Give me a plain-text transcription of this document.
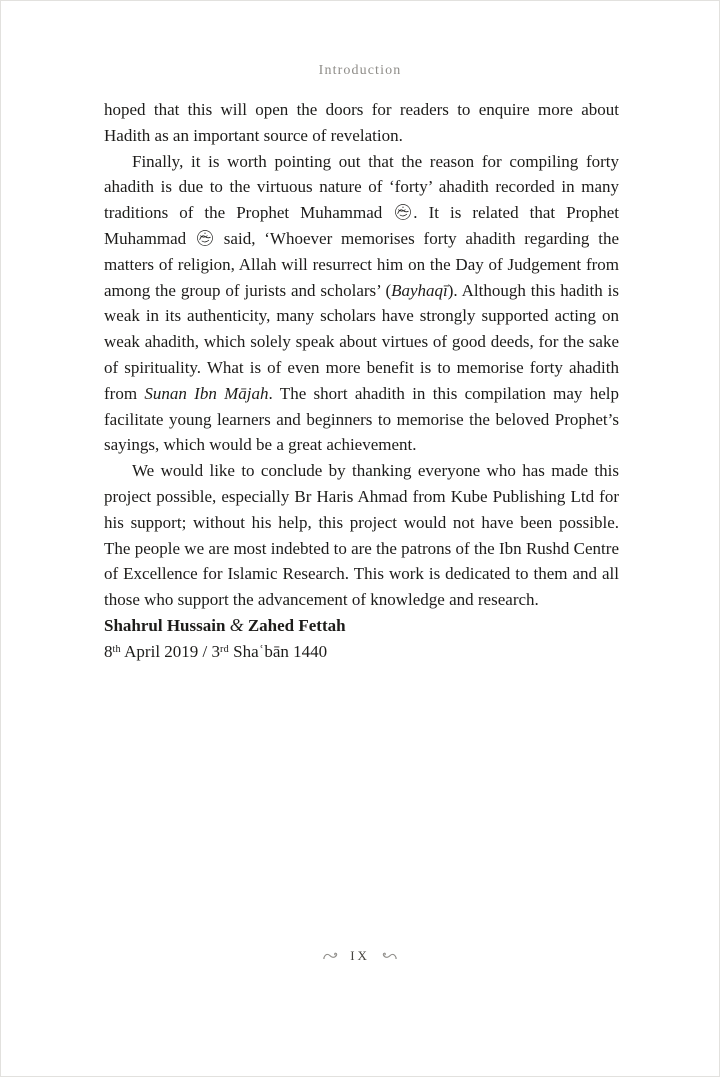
Introduction

hoped that this will open the doors for readers to enquire more about Hadith as an important source of revelation.

Finally, it is worth pointing out that the reason for compiling forty ahadith is due to the virtuous nature of ‘forty’ ahadith recorded in many traditions of the Prophet Muhammad
. It is related that Prophet Muhammad
said, ‘Whoever memorises forty ahadith regarding the matters of religion, Allah will resurrect him on the Day of Judgement from among the group of jurists and scholars’ (Bayhaqī). Although this hadith is weak in its authenticity, many scholars have strongly supported acting on weak ahadith, which solely speak about virtues of good deeds, for the sake of spirituality. What is of even more benefit is to memorise forty ahadith from Sunan Ibn Mājah. The short ahadith in this compilation may help facilitate young learners and beginners to memorise the beloved Prophet’s sayings, which would be a great achievement.

We would like to conclude by thanking everyone who has made this project possible, especially Br Haris Ahmad from Kube Publishing Ltd for his support; without his help, this project would not have been possible. The people we are most indebted to are the patrons of the Ibn Rushd Centre of Excellence for Islamic Research. This work is dedicated to them and all those who support the advancement of knowledge and research.

Shahrul Hussain & Zahed Fettah

8th April 2019 / 3rd Shaʿbān 1440

IX
